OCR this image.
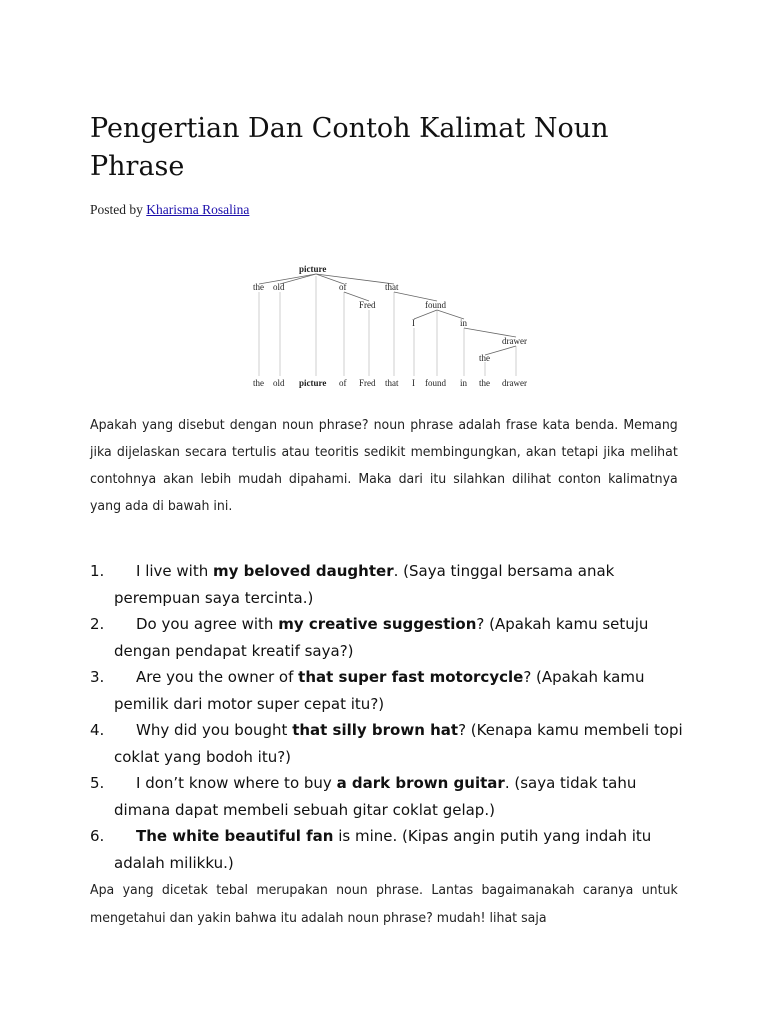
Pengertian Dan Contoh Kalimat Noun Phrase

Posted by Kharisma Rosalina

picture
the old	of	that
Fred	found
I	in
drawer
the
the old picture of Fred that I found in the drawer

Apakah yang disebut dengan noun phrase? noun phrase adalah frase kata benda. Memang jika dijelaskan secara tertulis atau teoritis sedikit membingungkan, akan tetapi jika melihat contohnya akan lebih mudah dipahami. Maka dari itu silahkan dilihat conton kalimatnya yang ada di bawah ini.

1. I live with my beloved daughter. (Saya tinggal bersama anak perempuan saya tercinta.)
2. Do you agree with my creative suggestion? (Apakah kamu setuju dengan pendapat kreatif saya?)
3. Are you the owner of that super fast motorcycle? (Apakah kamu pemilik dari motor super cepat itu?)
4. Why did you bought that silly brown hat? (Kenapa kamu membeli topi coklat yang bodoh itu?)
5. I don’t know where to buy a dark brown guitar. (saya tidak tahu dimana dapat membeli sebuah gitar coklat gelap.)
6. The white beautiful fan is mine. (Kipas angin putih yang indah itu adalah milikku.)

Apa yang dicetak tebal merupakan noun phrase. Lantas bagaimanakah caranya untuk mengetahui dan yakin bahwa itu adalah noun phrase? mudah! lihat saja
